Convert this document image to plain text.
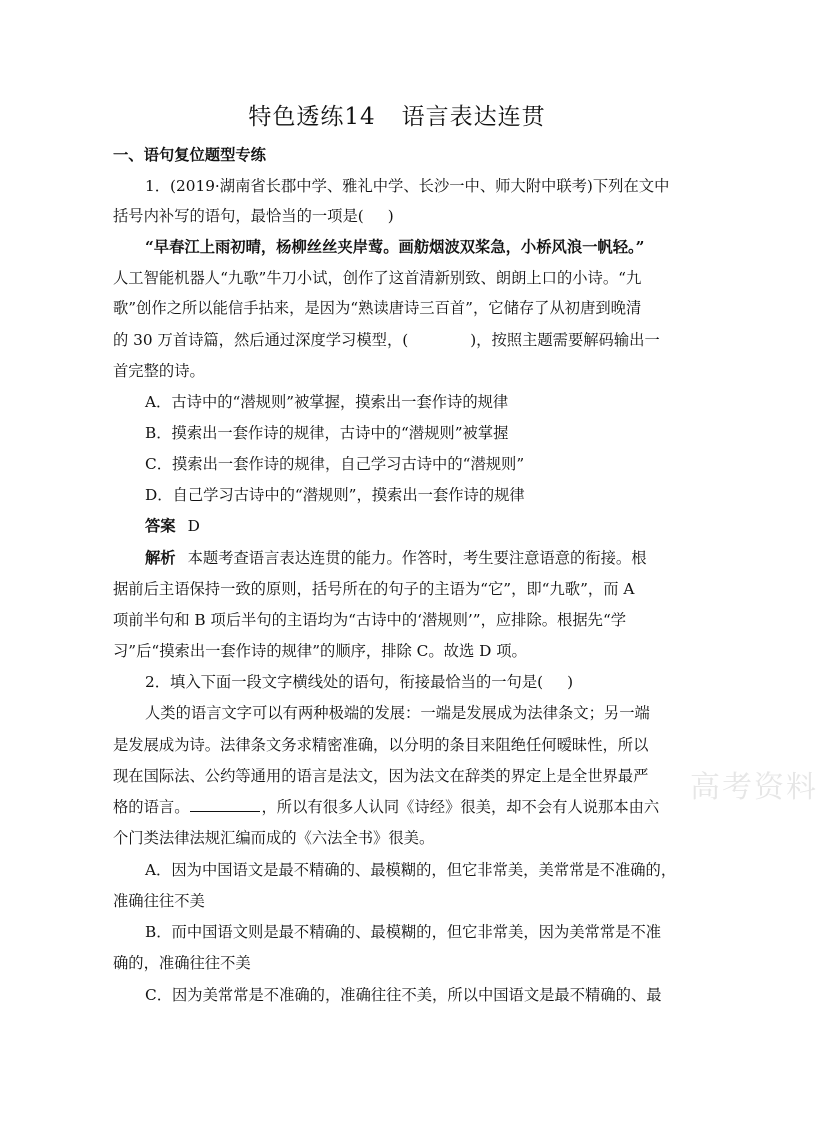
特色透练14 语言表达连贯
一、语句复位题型专练
1．(2019·湖南省长郡中学、雅礼中学、长沙一中、师大附中联考)下列在文中
括号内补写的语句，最恰当的一项是( )
“早春江上雨初晴，杨柳丝丝夹岸莺。画舫烟波双桨急，小桥风浪一帆轻。”
人工智能机器人“九歌”牛刀小试，创作了这首清新别致、朗朗上口的小诗。“九
歌”创作之所以能信手拈来，是因为“熟读唐诗三百首”，它储存了从初唐到晚清
的 30 万首诗篇，然后通过深度学习模型，(	)，按照主题需要解码输出一
首完整的诗。
A．古诗中的“潜规则”被掌握，摸索出一套作诗的规律
B．摸索出一套作诗的规律，古诗中的“潜规则”被掌握
C．摸索出一套作诗的规律，自己学习古诗中的“潜规则”
D．自己学习古诗中的“潜规则”，摸索出一套作诗的规律
答案 D
解析 本题考查语言表达连贯的能力。作答时，考生要注意语意的衔接。根
据前后主语保持一致的原则，括号所在的句子的主语为“它”，即“九歌”，而 A
项前半句和 B 项后半句的主语均为“古诗中的‘潜规则’”，应排除。根据先“学
习”后“摸索出一套作诗的规律”的顺序，排除 C。故选 D 项。
2．填入下面一段文字横线处的语句，衔接最恰当的一句是( )
人类的语言文字可以有两种极端的发展：一端是发展成为法律条文；另一端
是发展成为诗。法律条文务求精密准确，以分明的条目来阻绝任何暧昧性，所以
现在国际法、公约等通用的语言是法文，因为法文在辞类的界定上是全世界最严
格的语言。	，所以有很多人认同《诗经》很美，却不会有人说那本由六
个门类法律法规汇编而成的《六法全书》很美。
A．因为中国语文是最不精确的、最模糊的，但它非常美，美常常是不准确的，
准确往往不美
B．而中国语文则是最不精确的、最模糊的，但它非常美，因为美常常是不准
确的，准确往往不美
C．因为美常常是不准确的，准确往往不美，所以中国语文是最不精确的、最
高考资料
